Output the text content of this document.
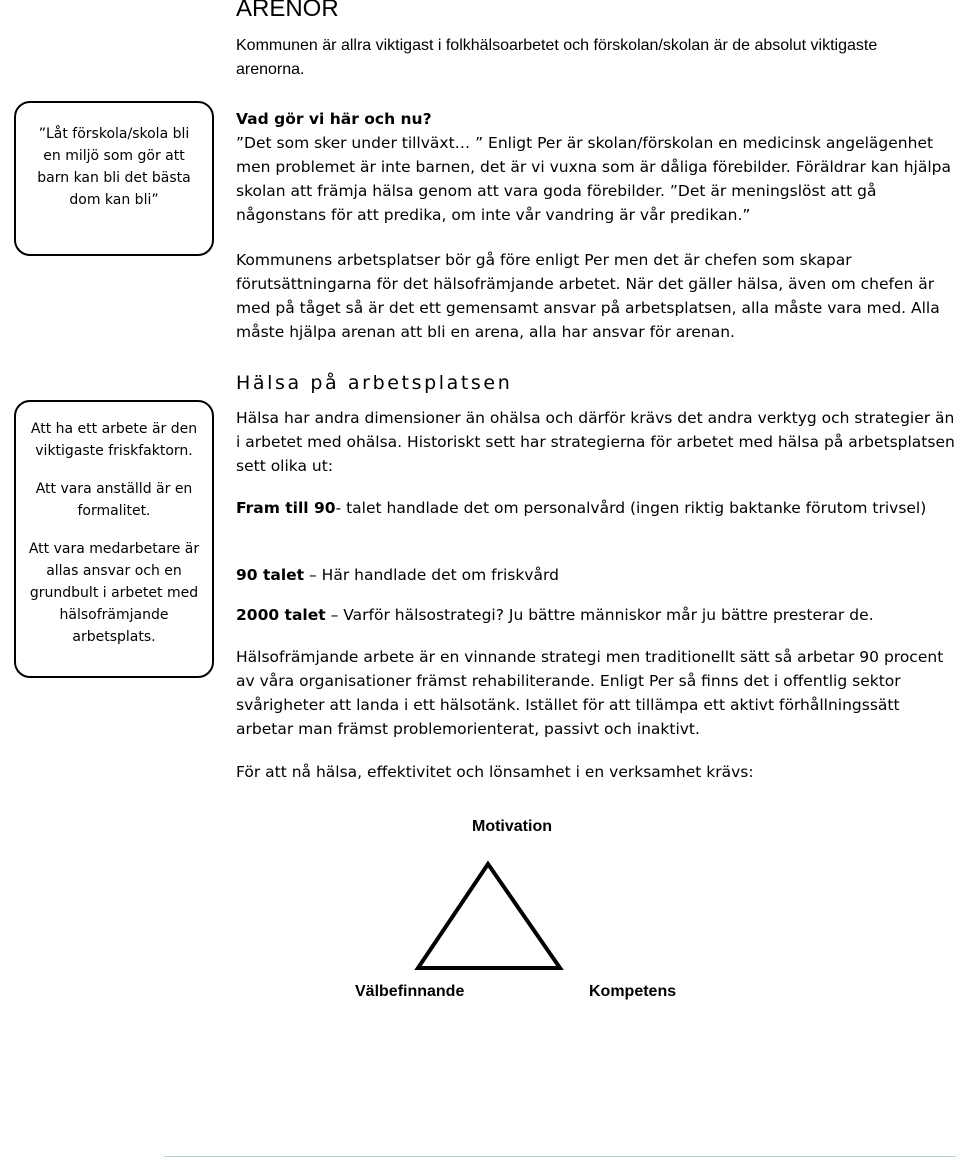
ARENOR
Kommunen är allra viktigast i folkhälsoarbetet och förskolan/skolan är de absolut viktigaste arenorna.
”Låt förskola/skola bli en miljö som gör att barn kan bli det bästa dom kan bli”

Att ha ett arbete är den viktigaste friskfaktorn.

Att vara anställd är en formalitet.

Att vara medarbetare är allas ansvar och en grundbult i arbetet med hälsofrämjande arbetsplats.

Vad gör vi här och nu?

”Det som sker under tillväxt… ” Enligt Per är skolan/förskolan en medicinsk angelägenhet men problemet är inte barnen, det är vi vuxna som är dåliga förebilder. Föräldrar kan hjälpa skolan att främja hälsa genom att vara goda förebilder. ”Det är meningslöst att gå någonstans för att predika, om inte vår vandring är vår predikan.”

Kommunens arbetsplatser bör gå före enligt Per men det är chefen som skapar förutsättningarna för det hälsofrämjande arbetet. När det gäller hälsa, även om chefen är med på tåget så är det ett gemensamt ansvar på arbetsplatsen, alla måste vara med. Alla måste hjälpa arenan att bli en arena, alla har ansvar för arenan.

Hälsa på arbetsplatsen

Hälsa har andra dimensioner än ohälsa och därför krävs det andra verktyg och strategier än i arbetet med ohälsa. Historiskt sett har strategierna för arbetet med hälsa på arbetsplatsen sett olika ut:

Fram till 90- talet handlade det om personalvård (ingen riktig baktanke förutom trivsel)

90 talet – Här handlade det om friskvård

2000 talet – Varför hälsostrategi? Ju bättre människor mår ju bättre presterar de.

Hälsofrämjande arbete är en vinnande strategi men traditionellt sätt så arbetar 90 procent av våra organisationer främst rehabiliterande. Enligt Per så finns det i offentlig sektor svårigheter att landa i ett hälsotänk. Istället för att tillämpa ett aktivt förhållningssätt arbetar man främst problemorienterat, passivt och inaktivt.

För att nå hälsa, effektivitet och lönsamhet i en verksamhet krävs:

Motivation
Välbefinnande	Kompetens
